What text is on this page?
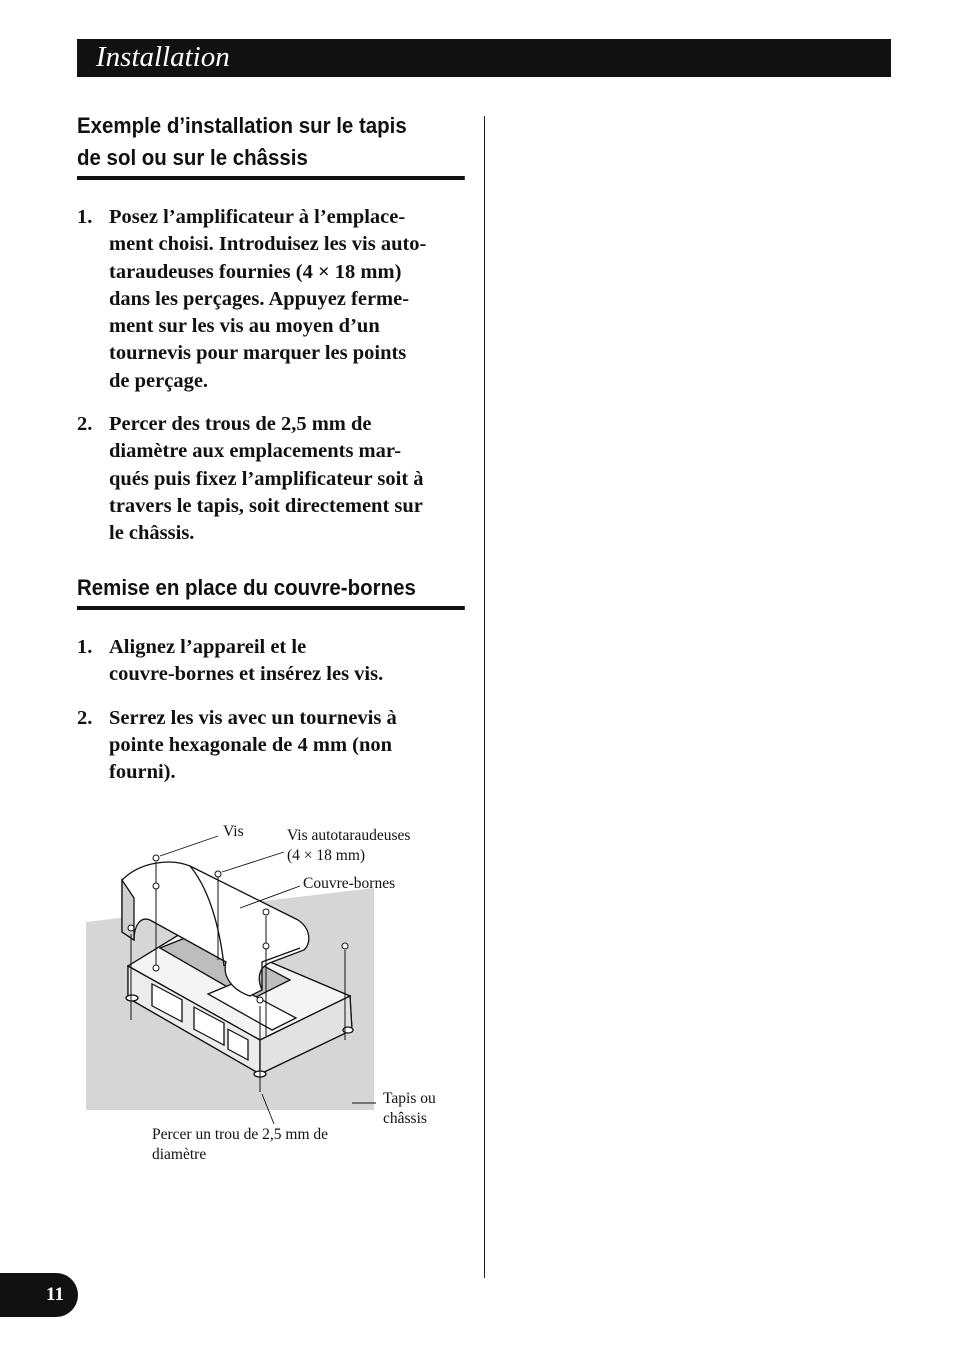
Installation
Exemple d’installation sur le tapis
de sol ou sur le châssis
1. Posez l’amplificateur à l’emplace-
ment choisi. Introduisez les vis auto-
taraudeuses fournies (4 × 18 mm)
dans les perçages. Appuyez ferme-
ment sur les vis au moyen d’un
tournevis pour marquer les points
de perçage.
2. Percer des trous de 2,5 mm de
diamètre aux emplacements mar-
qués puis fixez l’amplificateur soit à
travers le tapis, soit directement sur
le châssis.
Remise en place du couvre-bornes
1. Alignez l’appareil et le
couvre-bornes et insérez les vis.
2. Serrez les vis avec un tournevis à
pointe hexagonale de 4 mm (non
fourni).
Vis	Vis autotaraudeuses
(4 × 18 mm)
Couvre-bornes
Tapis ou
châssis
Percer un trou de 2,5 mm de
diamètre
11
